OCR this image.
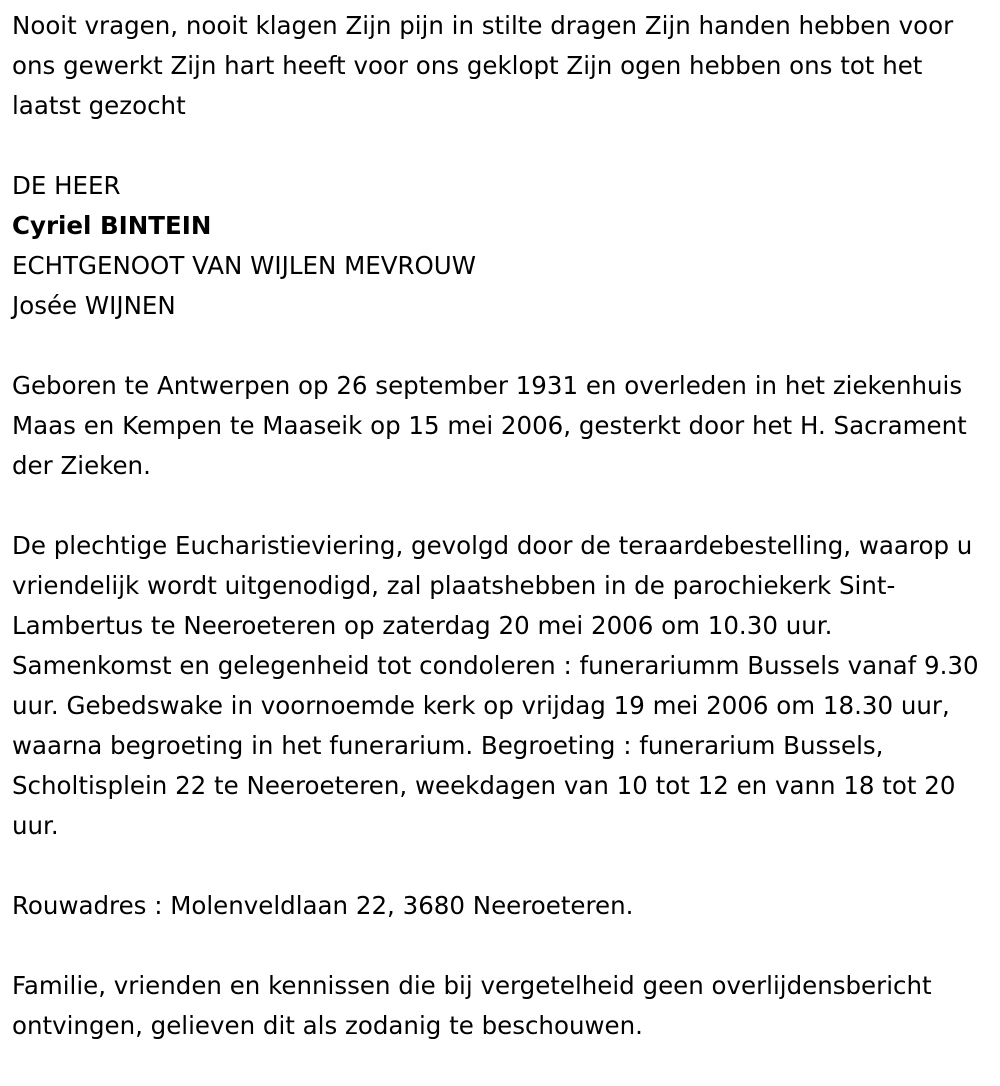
Nooit vragen, nooit klagen Zijn pijn in stilte dragen Zijn handen hebben voor ons gewerkt Zijn hart heeft voor ons geklopt Zijn ogen hebben ons tot het laatst gezocht

DE HEER

Cyriel BINTEIN

ECHTGENOOT VAN WIJLEN MEVROUW

Josée WIJNEN

Geboren te Antwerpen op 26 september 1931 en overleden in het ziekenhuis Maas en Kempen te Maaseik op 15 mei 2006, gesterkt door het H. Sacrament der Zieken.

De plechtige Eucharistieviering, gevolgd door de teraardebestelling, waarop u vriendelijk wordt uitgenodigd, zal plaatshebben in de parochiekerk Sint-Lambertus te Neeroeteren op zaterdag 20 mei 2006 om 10.30 uur. Samenkomst en gelegenheid tot condoleren : funerariumm Bussels vanaf 9.30 uur. Gebedswake in voornoemde kerk op vrijdag 19 mei 2006 om 18.30 uur, waarna begroeting in het funerarium. Begroeting : funerarium Bussels, Scholtisplein 22 te Neeroeteren, weekdagen van 10 tot 12 en vann 18 tot 20 uur.

Rouwadres : Molenveldlaan 22, 3680 Neeroeteren.

Familie, vrienden en kennissen die bij vergetelheid geen overlijdensbericht ontvingen, gelieven dit als zodanig te beschouwen.
